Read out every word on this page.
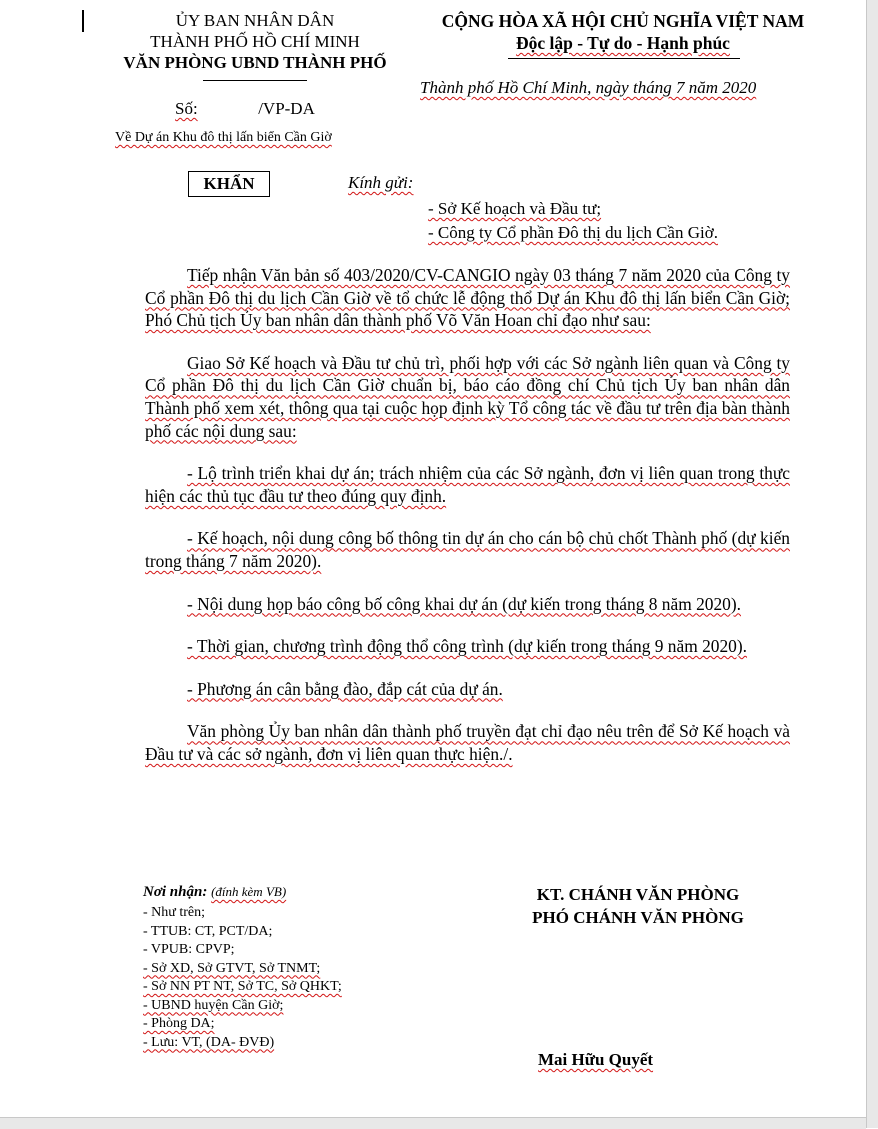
ỦY BAN NHÂN DÂN
THÀNH PHỐ HỒ CHÍ MINH
VĂN PHÒNG UBND THÀNH PHỐ
CỘNG HÒA XÃ HỘI CHỦ NGHĨA VIỆT NAM
Độc lập - Tự do - Hạnh phúc
Thành phố Hồ Chí Minh, ngày tháng 7 năm 2020
Số:	/VP-DA
Về Dự án Khu đô thị lấn biển Cần Giờ
KHẨN	Kính gửi:
- Sở Kế hoạch và Đầu tư;
- Công ty Cổ phần Đô thị du lịch Cần Giờ.

Tiếp nhận Văn bản số 403/2020/CV-CANGIO ngày 03 tháng 7 năm 2020 của Công ty Cổ phần Đô thị du lịch Cần Giờ về tổ chức lễ động thổ Dự án Khu đô thị lấn biển Cần Giờ; Phó Chủ tịch Ủy ban nhân dân thành phố Võ Văn Hoan chỉ đạo như sau:

Giao Sở Kế hoạch và Đầu tư chủ trì, phối hợp với các Sở ngành liên quan và Công ty Cổ phần Đô thị du lịch Cần Giờ chuẩn bị, báo cáo đồng chí Chủ tịch Ủy ban nhân dân Thành phố xem xét, thông qua tại cuộc họp định kỳ Tổ công tác về đầu tư trên địa bàn thành phố các nội dung sau:

- Lộ trình triển khai dự án; trách nhiệm của các Sở ngành, đơn vị liên quan trong thực hiện các thủ tục đầu tư theo đúng quy định.

- Kế hoạch, nội dung công bố thông tin dự án cho cán bộ chủ chốt Thành phố (dự kiến trong tháng 7 năm 2020).

- Nội dung họp báo công bố công khai dự án (dự kiến trong tháng 8 năm 2020).

- Thời gian, chương trình động thổ công trình (dự kiến trong tháng 9 năm 2020).

- Phương án cân bằng đào, đắp cát của dự án.

Văn phòng Ủy ban nhân dân thành phố truyền đạt chỉ đạo nêu trên để Sở Kế hoạch và Đầu tư và các sở ngành, đơn vị liên quan thực hiện./.

Nơi nhận: (đính kèm VB)
- Như trên;
- TTUB: CT, PCT/DA;
- VPUB: CPVP;
- Sở XD, Sở GTVT, Sở TNMT;
- Sở NN PT NT, Sở TC, Sở QHKT;
- UBND huyện Cần Giờ;
- Phòng DA;
- Lưu: VT, (DA- ĐVĐ)
KT. CHÁNH VĂN PHÒNG
PHÓ CHÁNH VĂN PHÒNG
Mai Hữu Quyết
